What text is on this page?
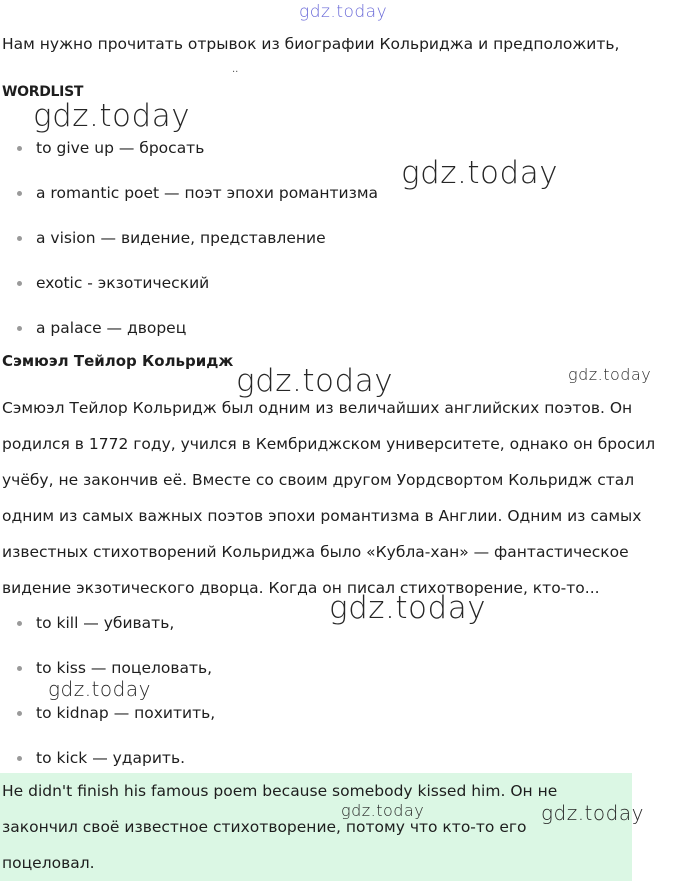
gdz.today
Нам нужно прочитать отрывок из биографии Кольриджа и предположить,
..
WORDLIST
gdz.today
to give up — бросать
a romantic poet — поэт эпохи романтизма
a vision — видение, представление
exotic - экзотический
a palace — дворец
gdz.today
Сэмюэл Тейлор Кольридж
gdz.today	gdz.today
Сэмюэл Тейлор Кольридж был одним из величайших английских поэтов. Он
родился в 1772 году, учился в Кембриджском университете, однако он бросил
учёбу, не закончив её. Вместе со своим другом Уордсвортом Кольридж стал
одним из самых важных поэтов эпохи романтизма в Англии. Одним из самых
известных стихотворений Кольриджа было «Кубла-хан» — фантастическое
видение экзотического дворца. Когда он писал стихотворение, кто-то...
gdz.today
to kill — убивать,
to kiss — поцеловать,
to kidnap — похитить,
to kick — ударить.
gdz.today

He didn't finish his famous poem because somebody kissed him. Он не

закончил своё известное стихотворение, потому что кто-то его

поцеловал.

gdz.today	gdz.today
